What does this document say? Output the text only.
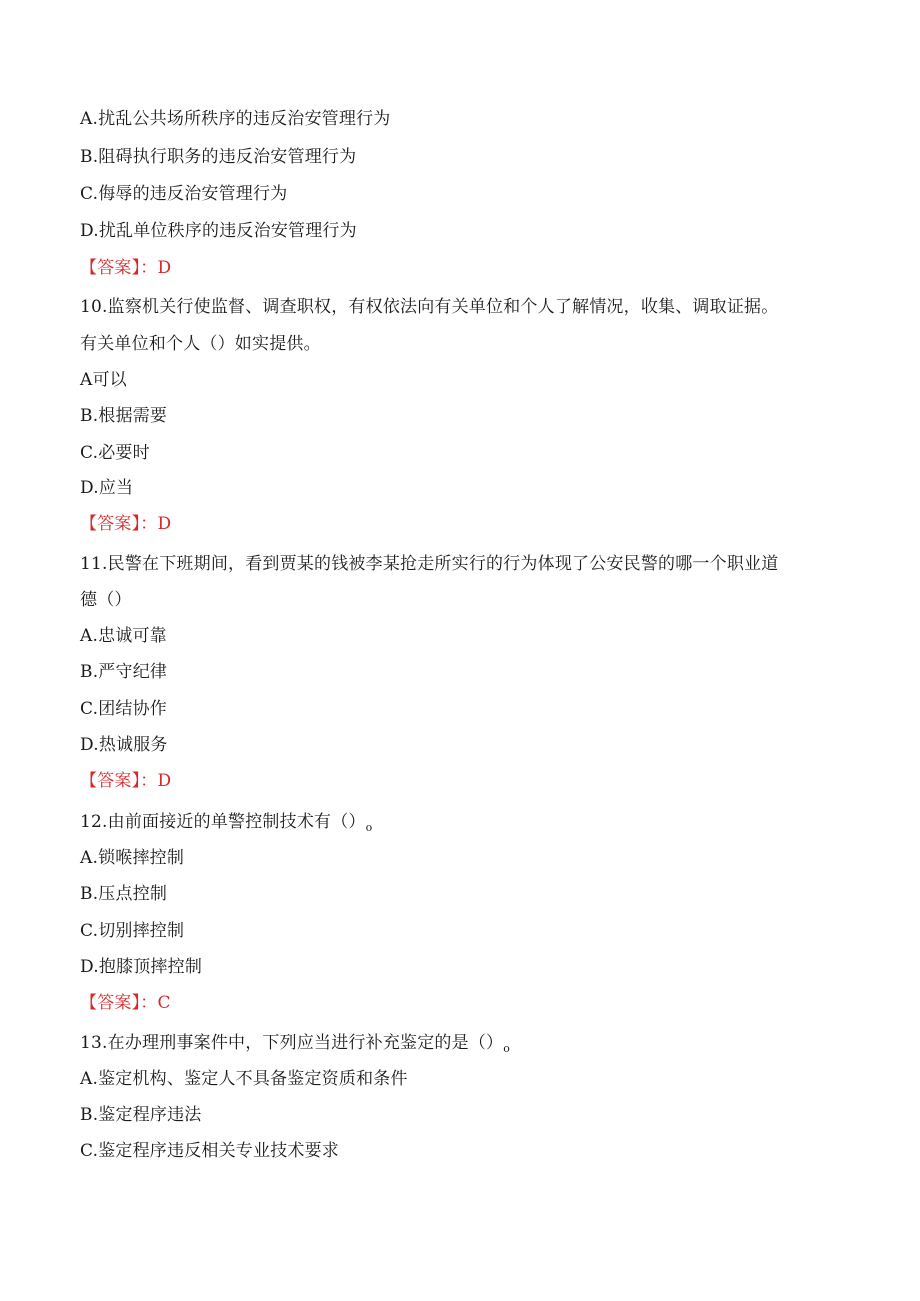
A.扰乱公共场所秩序的违反治安管理行为
B.阻碍执行职务的违反治安管理行为
C.侮辱的违反治安管理行为
D.扰乱单位秩序的违反治安管理行为
【答案】：D
10.监察机关行使监督、调查职权，有权依法向有关单位和个人了解情况，收集、调取证据。
有关单位和个人（）如实提供。
A可以
B.根据需要
C.必要时
D.应当
【答案】：D
11.民警在下班期间，看到贾某的钱被李某抢走所实行的行为体现了公安民警的哪一个职业道
德（）
A.忠诚可靠
B.严守纪律
C.团结协作
D.热诚服务
【答案】：D
12.由前面接近的单警控制技术有$()_o$
A.锁喉摔控制
B.压点控制
C.切别摔控制
D.抱膝顶摔控制
【答案】：C
13.在办理刑事案件中，下列应当进行补充鉴定的是$()_o$
A.鉴定机构、鉴定人不具备鉴定资质和条件
B.鉴定程序违法
C.鉴定程序违反相关专业技术要求
